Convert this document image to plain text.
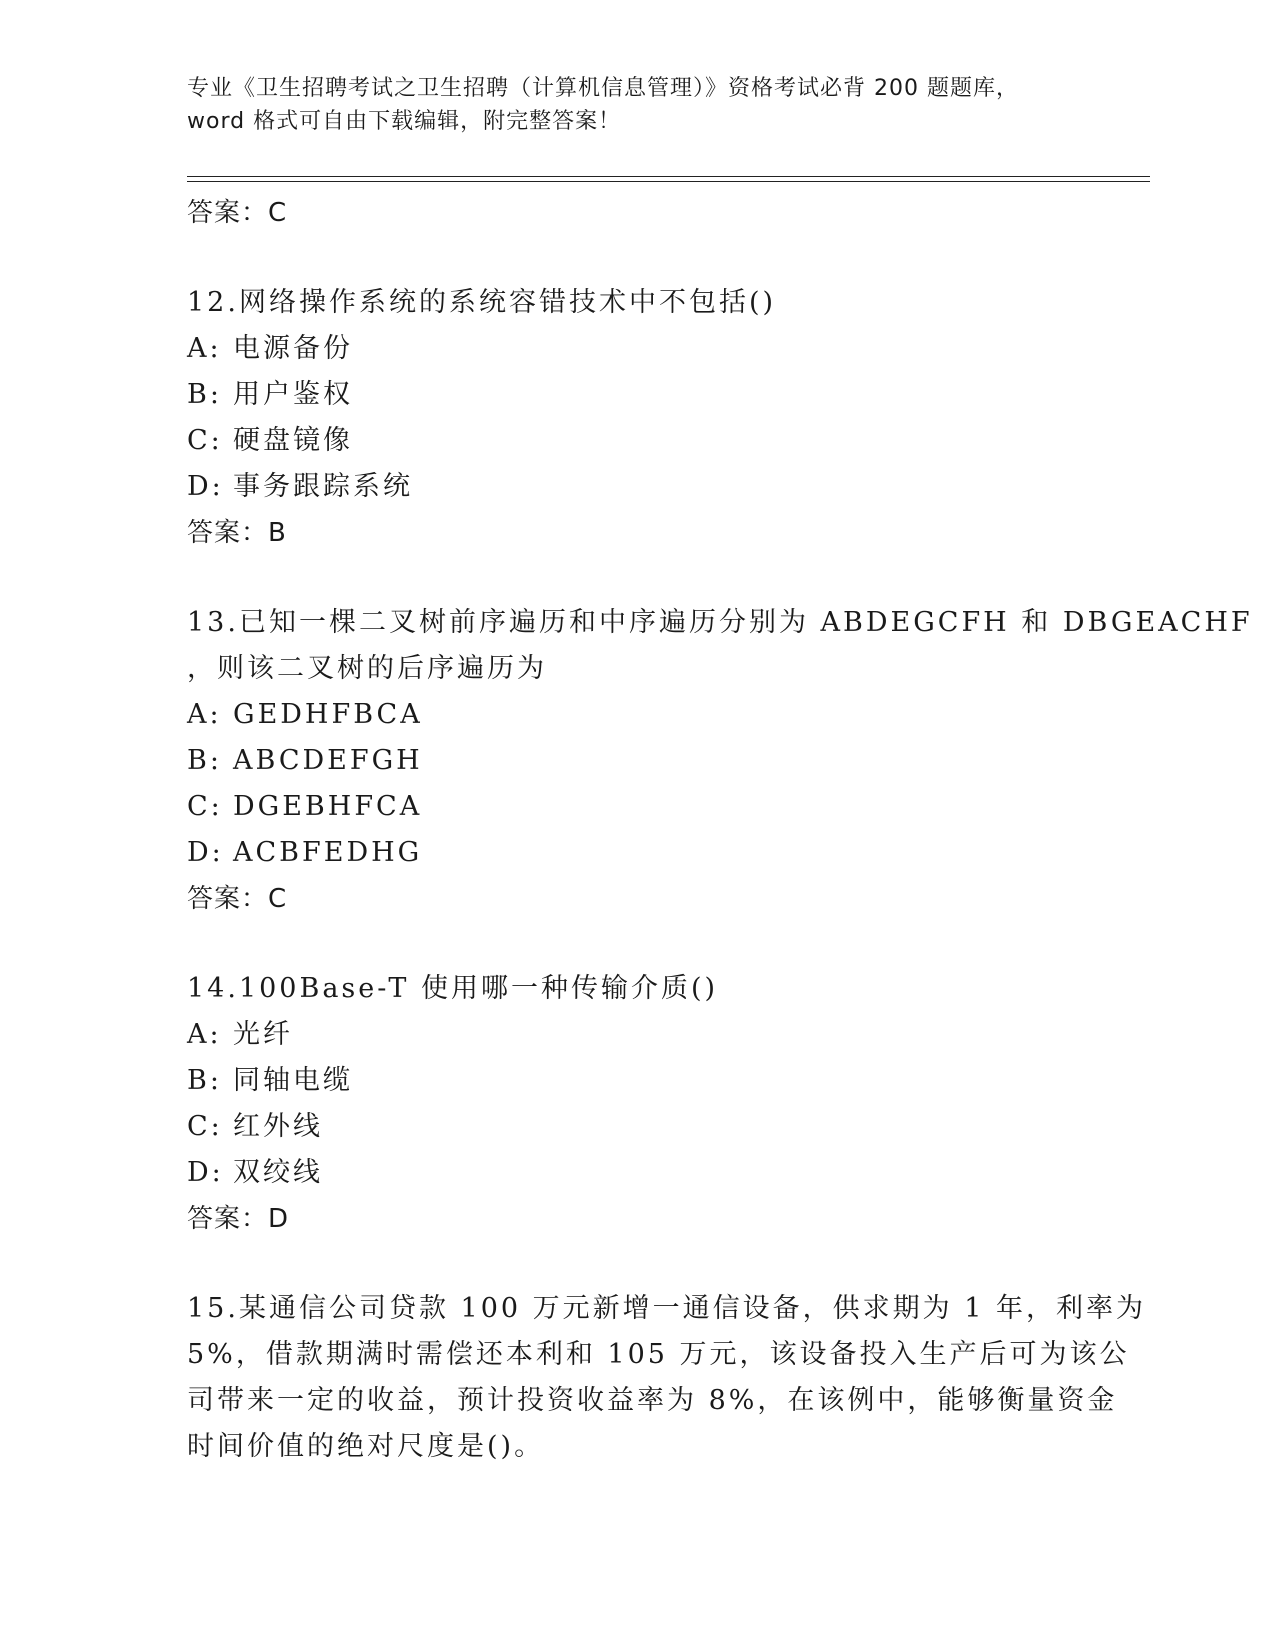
专业《卫生招聘考试之卫生招聘（计算机信息管理）》资格考试必背 200 题题库，
word 格式可自由下载编辑，附完整答案！
答案：C
12.网络操作系统的系统容错技术中不包括()
A: 电源备份
B: 用户鉴权
C: 硬盘镜像
D: 事务跟踪系统
答案：B
13.已知一棵二叉树前序遍历和中序遍历分别为 ABDEGCFH 和 DBGEACHF
，则该二叉树的后序遍历为
A: GEDHFBCA
B: ABCDEFGH
C: DGEBHFCA
D: ACBFEDHG
答案：C
14.100Base-T 使用哪一种传输介质()
A: 光纤
B: 同轴电缆
C: 红外线
D: 双绞线
答案：D
15.某通信公司贷款 100 万元新增一通信设备，供求期为 1 年，利率为
5%，借款期满时需偿还本利和 105 万元，该设备投入生产后可为该公
司带来一定的收益，预计投资收益率为 8%，在该例中，能够衡量资金
时间价值的绝对尺度是()。
